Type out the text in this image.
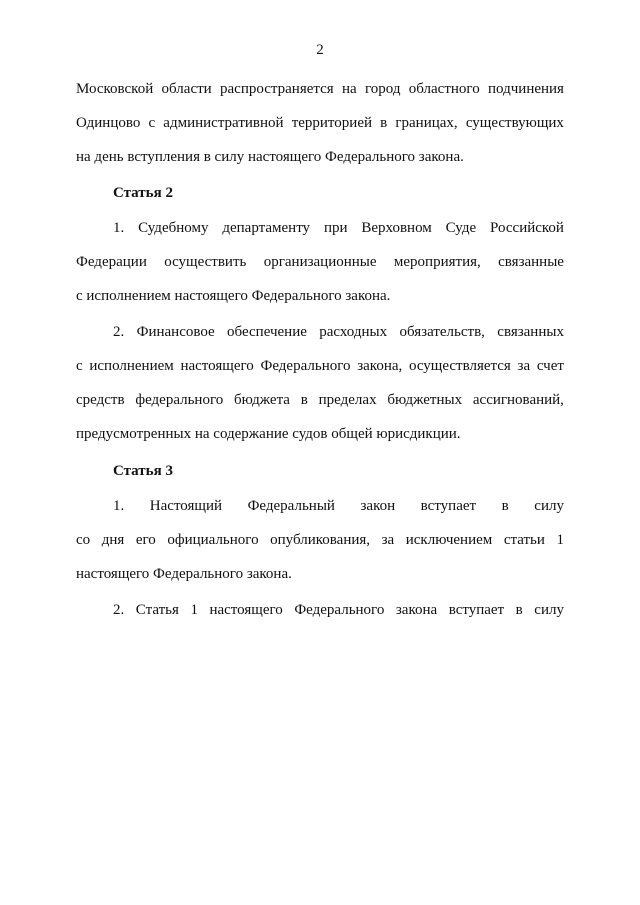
2
Московской области распространяется на город областного подчинения
Одинцово с административной территорией в границах, существующих
на день вступления в силу настоящего Федерального закона.
Статья 2
1. Судебному департаменту при Верховном Суде Российской
Федерации осуществить организационные мероприятия, связанные
с исполнением настоящего Федерального закона.
2. Финансовое обеспечение расходных обязательств, связанных
с исполнением настоящего Федерального закона, осуществляется за счет
средств федерального бюджета в пределах бюджетных ассигнований,
предусмотренных на содержание судов общей юрисдикции.
Статья 3
1. Настоящий Федеральный закон вступает в силу
со дня его официального опубликования, за исключением статьи 1
настоящего Федерального закона.
2. Статья 1 настоящего Федерального закона вступает в силу
